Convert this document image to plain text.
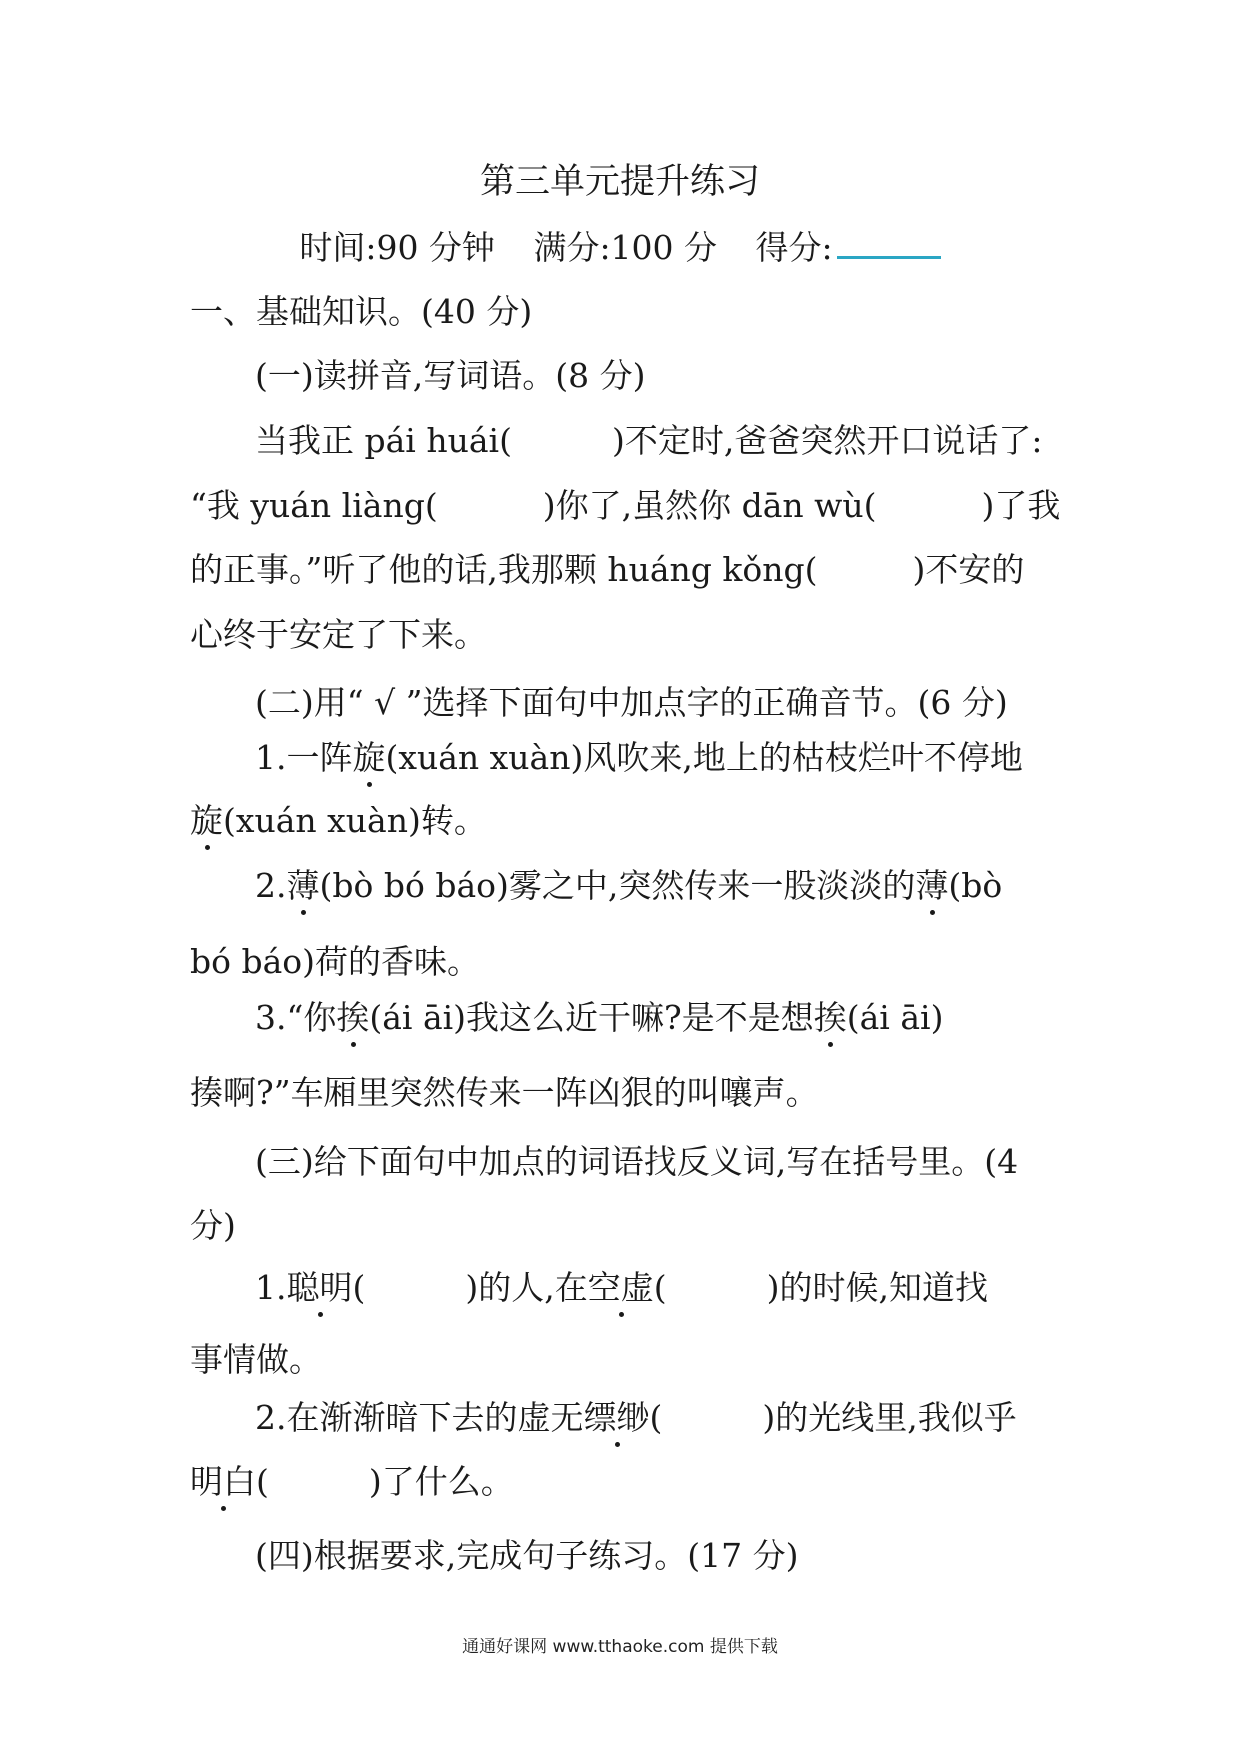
第三单元提升练习
时间:90 分钟 满分:100 分 得分:
一、基础知识。(40 分)
(一)读拼音,写词语。(8 分)
当我正 pái huái(	)不定时,爸爸突然开口说话了:
“我 yuán liàng(	)你了,虽然你 dān wù(	)了我
的正事。”听了他的话,我那颗 huáng kǒng(	)不安的
心终于安定了下来。
(二)用“ √ ”选择下面句中加点字的正确音节。(6 分)
1.一阵旋(xuán xuàn)风吹来,地上的枯枝烂叶不停地
旋(xuán xuàn)转。
2.薄(bò bó báo)雾之中,突然传来一股淡淡的薄(bò
bó báo)荷的香味。
3.“你挨(ái āi)我这么近干嘛?是不是想挨(ái āi)
揍啊?”车厢里突然传来一阵凶狠的叫嚷声。
(三)给下面句中加点的词语找反义词,写在括号里。(4
分)
1.聪明(	)的人,在空虚(	)的时候,知道找
事情做。
2.在渐渐暗下去的虚无缥缈(	)的光线里,我似乎
明白(	)了什么。
(四)根据要求,完成句子练习。(17 分)
通通好课网 www.tthaoke.com 提供下载
